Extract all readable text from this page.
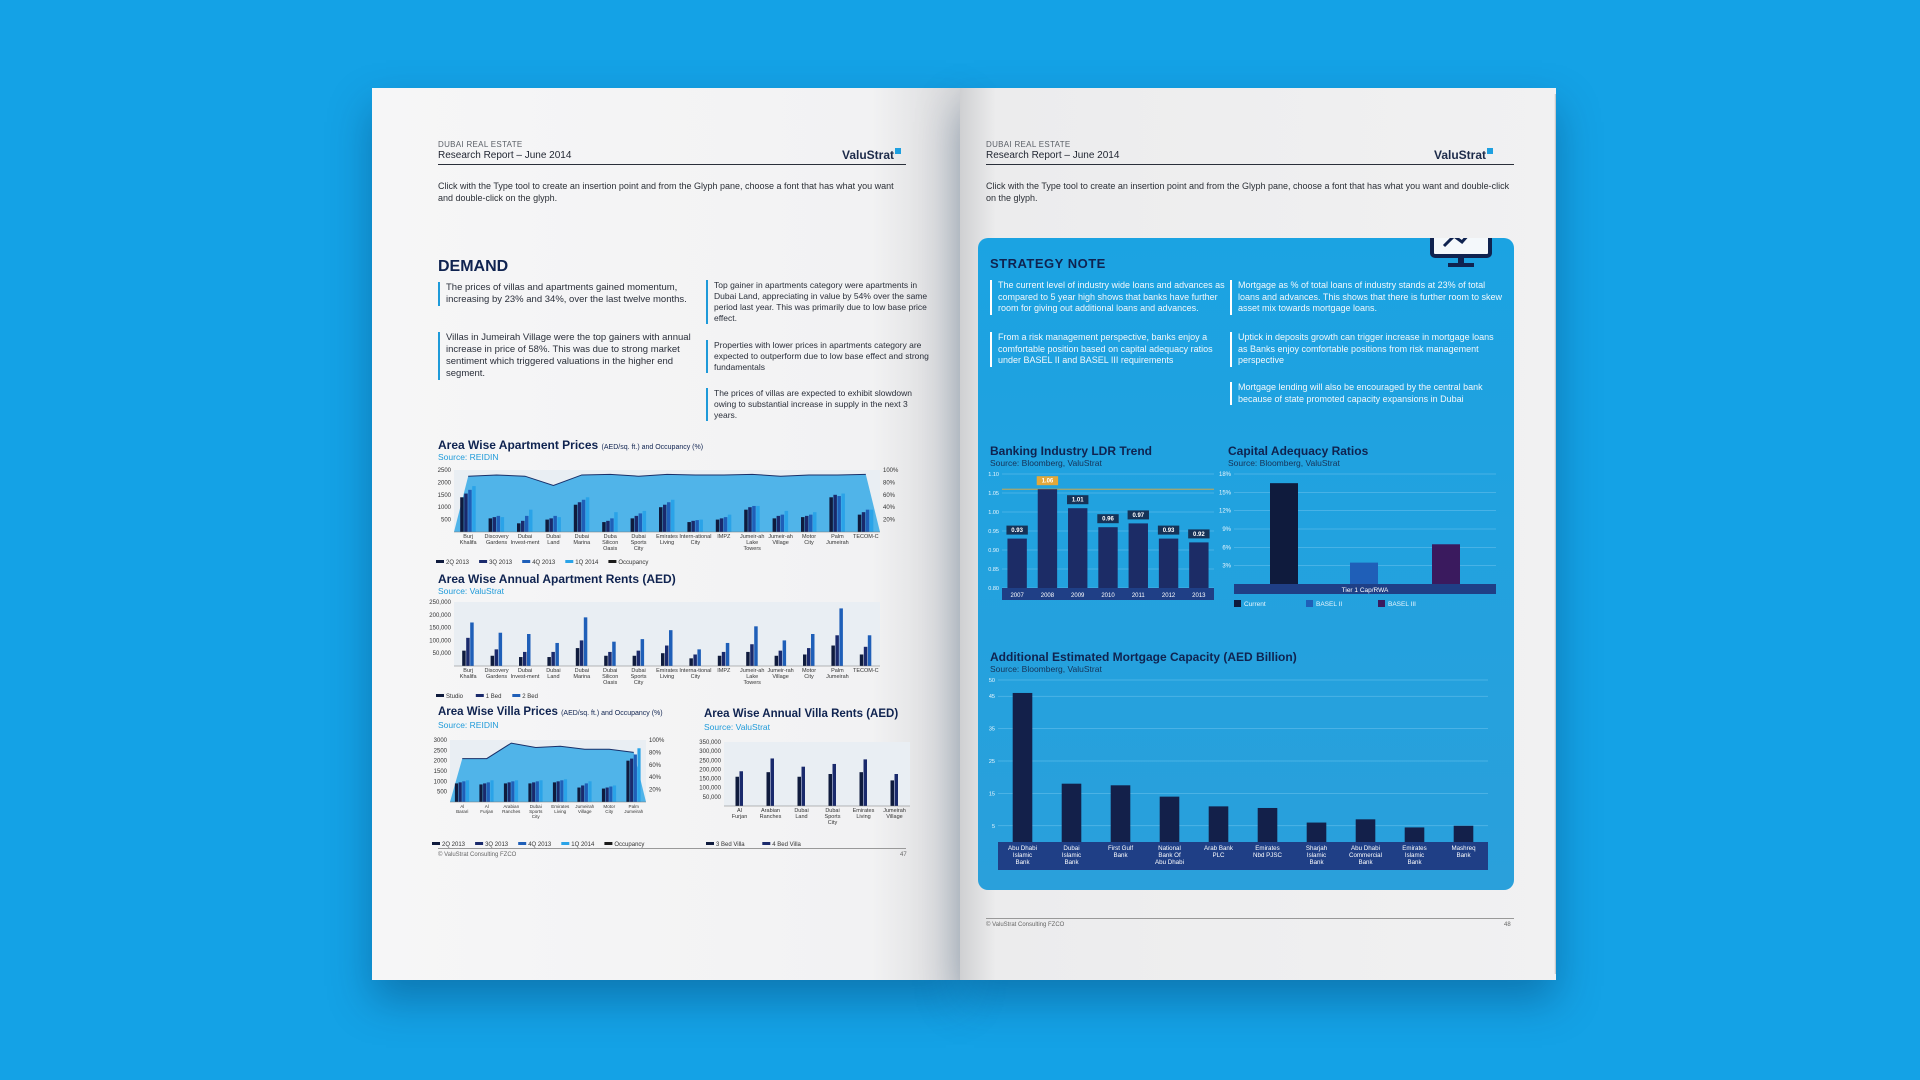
DUBAI REAL ESTATE
Research Report – June 2014	ValuStrat
Click with the Type tool to create an insertion point and from the Glyph pane, choose a font that has what you want and double-click on the glyph.
DEMAND
The prices of villas and apartments gained momentum, increasing by 23% and 34%, over the last twelve months.
Villas in Jumeirah Village were the top gainers with annual increase in price of 58%. This was due to strong market sentiment which triggered valuations in the higher end segment.
Top gainer in apartments category were apartments in Dubai Land, appreciating in value by 54% over the same period last year. This was primarily due to low base price effect.
Properties with lower prices in apartments category are expected to outperform due to low base effect and strong fundamentals
The prices of villas are expected to exhibit slowdown owing to substantial increase in supply in the next 3 years.
Area Wise Apartment Prices (AED/sq. ft.) and Occupancy (%)
Source: REIDIN
2500
2000
1500
1000
500
100%
80%
60%
40%
20%
Burj Khalifa
Discovery Gardens
Dubai Invest-ment
Dubai Land
Dubai Marina
Duba Silicon Oasis
Dubai Sports City
Emirates Living
Intern-ational City
IMPZ Jumeir-ah Lake Towers
Jumeir-ah Village
Motor City
Palm Jumeirah
TECOM-C
2Q 2013	3Q 2013	4Q 2013	1Q 2014	Occupancy
Area Wise Annual Apartment Rents (AED)
Source: ValuStrat
250,000
200,000
150,000
100,000
50,000
Burj Khalifa
Discovery Gardens
Dubai Invest-ment
Dubai Land
Dubai Marina
Dubai Silicon Oasis
Dubai Sports City
Emirates Living
Interna-tional City
IMPZ Jumeir-ah Lake Towers
Jumeir-rah Village
Motor City
Palm Jumeirah
TECOM-C
Studio	1 Bed	2 Bed
Area Wise Villa Prices (AED/sq. ft.) and Occupancy (%)
Source: REIDIN
3000
2500
2000
1500
1000
500
100%
80%
60%
40%
20%
Al Barari
Al Furjan
Arabian Ranches
Dubai Sports City
Emirates Living
Jumeirah Village
Motor City
Palm Jumeirah
2Q 2013	3Q 2013	4Q 2013	1Q 2014	Occupancy
Area Wise Annual Villa Rents (AED)
Source: ValuStrat
350,000
300,000
250,000
200,000
150,000
100,000
50,000
Al Furjan
Arabian Ranches
Dubai Land
Dubai Sports City
Emirates Living
Jumeirah Village
3 Bed Villa	4 Bed Villa
© ValuStrat Consulting FZCO	47
DUBAI REAL ESTATE
Research Report – June 2014	ValuStrat
Click with the Type tool to create an insertion point and from the Glyph pane, choose a font that has what you want and double-click on the glyph.
STRATEGY NOTE
The current level of industry wide loans and advances as compared to 5 year high shows that banks have further room for giving out additional loans and advances.
From a risk management perspective, banks enjoy a comfortable position based on capital adequacy ratios under BASEL II and BASEL III requirements
Mortgage as % of total loans of industry stands at 23% of total loans and advances. This shows that there is further room to skew asset mix towards mortgage loans.
Uptick in deposits growth can trigger increase in mortgage loans as Banks enjoy comfortable positions from risk management perspective
Mortgage lending will also be encouraged by the central bank because of state promoted capacity expansions in Dubai
Banking Industry LDR Trend
Source: Bloomberg, ValuStrat
1.10
1.05
1.00
0.95
0.90
0.85
0.80
0.93
1.06
1.01
0.96
0.97
0.93
0.92
2007	2008	2009	2010	2011	2012	2013
Capital Adequacy Ratios
Source: Bloomberg, ValuStrat
18%
15%
12%
9%
6%
3%
Tier 1 Cap/RWA
Current	BASEL II	BASEL III
Additional Estimated Mortgage Capacity (AED Billion)
Source: Bloomberg, ValuStrat
50
45
35
25
15
5
Abu Dhabi Islamic Bank
Dubai Islamic Bank
First Gulf Bank
National Bank Of Abu Dhabi
Arab Bank PLC
Emirates Nbd PJSC
Sharjah Islamic Bank
Abu Dhabi Commercial Bank
Emirates Islamic Bank
Mashreq Bank
© ValuStrat Consulting FZCO	48
